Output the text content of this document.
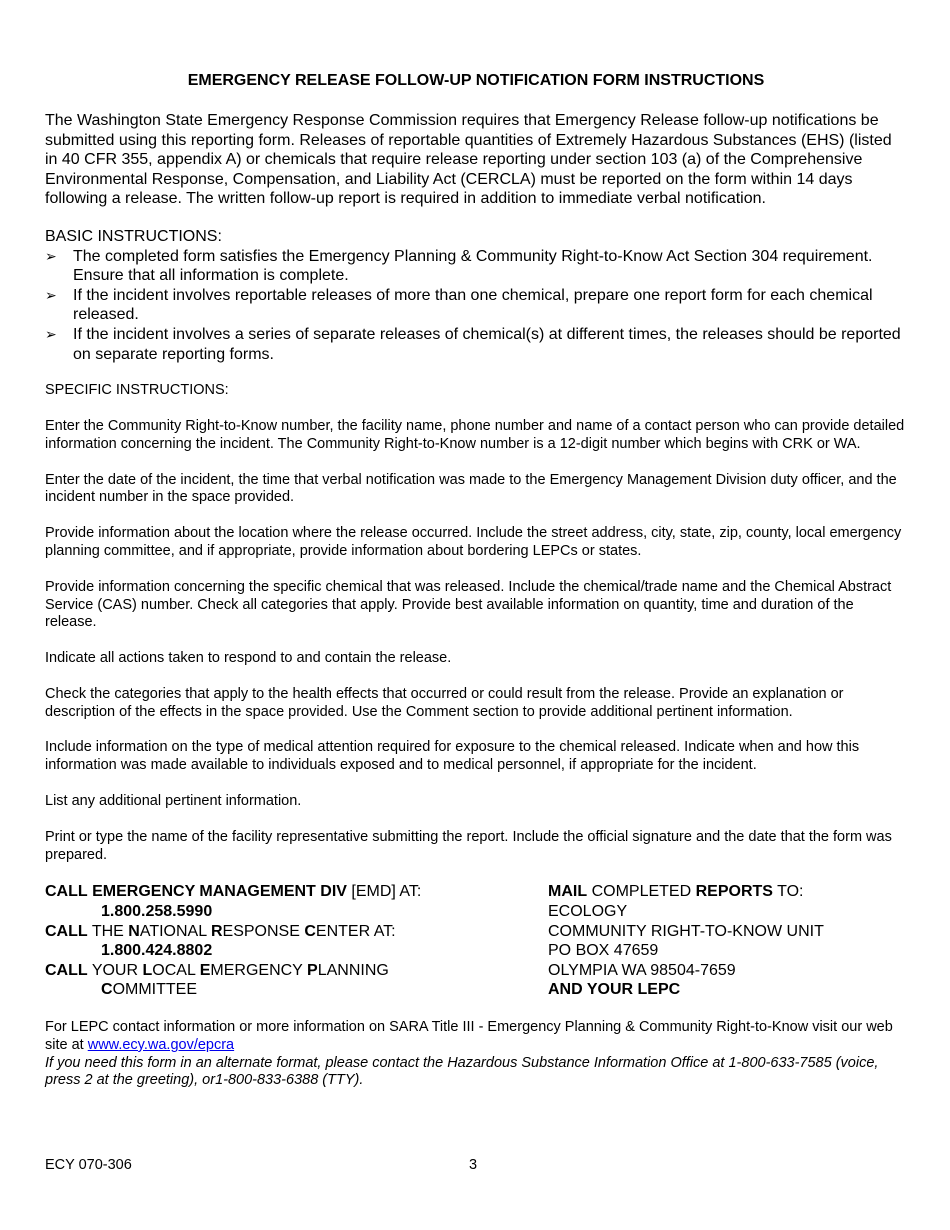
EMERGENCY RELEASE FOLLOW-UP NOTIFICATION FORM INSTRUCTIONS
The Washington State Emergency Response Commission requires that Emergency Release follow-up notifications be submitted using this reporting form. Releases of reportable quantities of Extremely Hazardous Substances (EHS) (listed in 40 CFR 355, appendix A) or chemicals that require release reporting under section 103 (a) of the Comprehensive Environmental Response, Compensation, and Liability Act (CERCLA) must be reported on the form within 14 days following a release. The written follow-up report is required in addition to immediate verbal notification.
BASIC INSTRUCTIONS:
➢ The completed form satisfies the Emergency Planning & Community Right-to-Know Act Section 304 requirement. Ensure that all information is complete.
➢ If the incident involves reportable releases of more than one chemical, prepare one report form for each chemical released.
➢ If the incident involves a series of separate releases of chemical(s) at different times, the releases should be reported on separate reporting forms.
SPECIFIC INSTRUCTIONS:
Enter the Community Right-to-Know number, the facility name, phone number and name of a contact person who can provide detailed information concerning the incident. The Community Right-to-Know number is a 12-digit number which begins with CRK or WA.
Enter the date of the incident, the time that verbal notification was made to the Emergency Management Division duty officer, and the incident number in the space provided.
Provide information about the location where the release occurred. Include the street address, city, state, zip, county, local emergency planning committee, and if appropriate, provide information about bordering LEPCs or states.
Provide information concerning the specific chemical that was released. Include the chemical/trade name and the Chemical Abstract Service (CAS) number. Check all categories that apply. Provide best available information on quantity, time and duration of the release.
Indicate all actions taken to respond to and contain the release.
Check the categories that apply to the health effects that occurred or could result from the release. Provide an explanation or description of the effects in the space provided. Use the Comment section to provide additional pertinent information.
Include information on the type of medical attention required for exposure to the chemical released. Indicate when and how this information was made available to individuals exposed and to medical personnel, if appropriate for the incident.
List any additional pertinent information.
Print or type the name of the facility representative submitting the report. Include the official signature and the date that the form was prepared.
CALL EMERGENCY MANAGEMENT DIV [EMD] AT:
1.800.258.5990
CALL THE NATIONAL RESPONSE CENTER AT:
1.800.424.8802
CALL YOUR LOCAL EMERGENCY PLANNING
COMMITTEE
MAIL COMPLETED REPORTS TO:
ECOLOGY
COMMUNITY RIGHT-TO-KNOW UNIT
PO BOX 47659
OLYMPIA WA 98504-7659
AND YOUR LEPC
For LEPC contact information or more information on SARA Title III - Emergency Planning & Community Right-to-Know visit our web site at www.ecy.wa.gov/epcra
If you need this form in an alternate format, please contact the Hazardous Substance Information Office at 1-800-633-7585 (voice, press 2 at the greeting), or1-800-833-6388 (TTY).
ECY 070-306	3
